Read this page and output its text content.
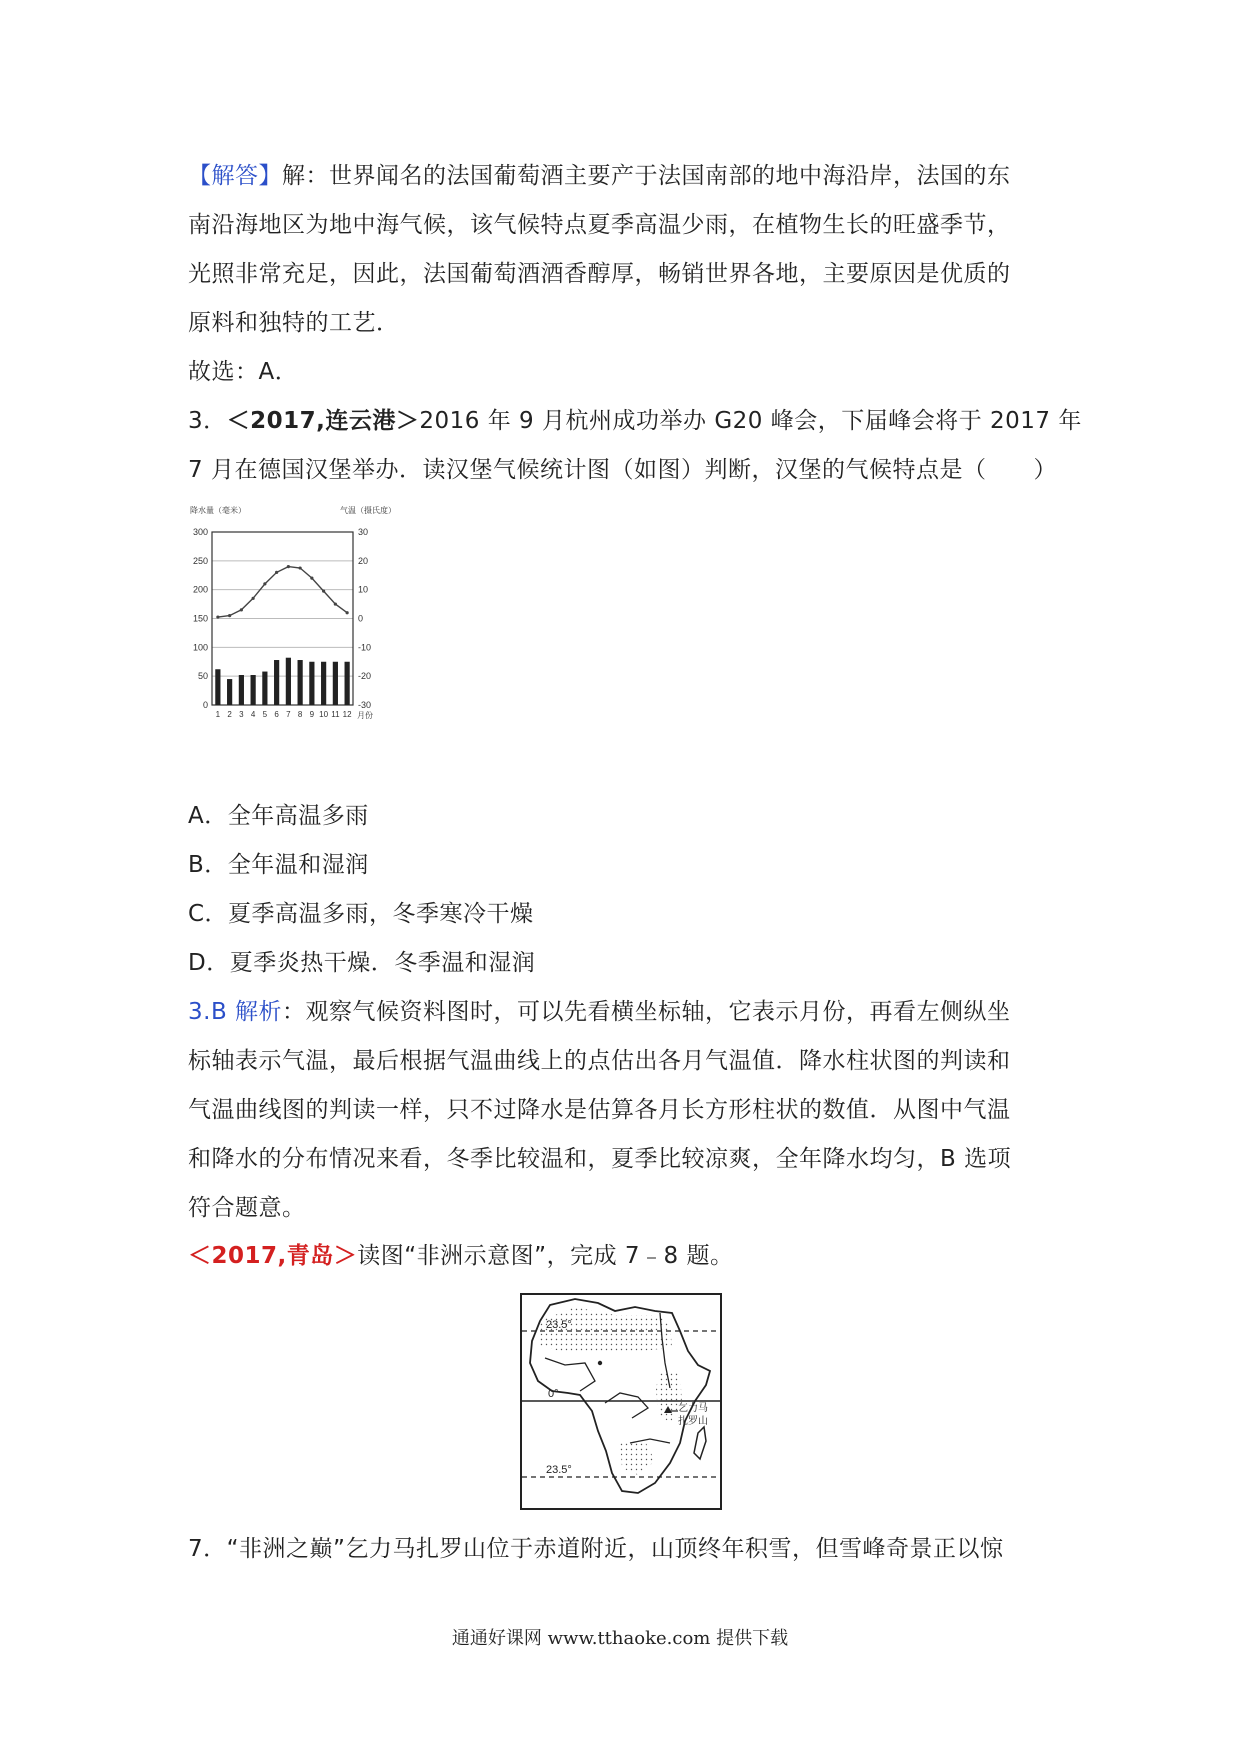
【解答】解：世界闻名的法国葡萄酒主要产于法国南部的地中海沿岸，法国的东
南沿海地区为地中海气候，该气候特点夏季高温少雨，在植物生长的旺盛季节，
光照非常充足，因此，法国葡萄酒酒香醇厚，畅销世界各地，主要原因是优质的
原料和独特的工艺．
故选：A．
3．＜2017,连云港＞2016 年 9 月杭州成功举办 G20 峰会，下届峰会将于 2017 年
7 月在德国汉堡举办．读汉堡气候统计图（如图）判断，汉堡的气候特点是（　　）
降水量（毫米）	气温（摄氏度）
300
250
200
150
100
50
0
30
20
10
0
-10
-20
-30
1 2 3 4 5 6 7 8 9 10 11 12 月份
A．全年高温多雨
B．全年温和湿润
C．夏季高温多雨，冬季寒冷干燥
D．夏季炎热干燥．冬季温和湿润
3.B 解析：观察气候资料图时，可以先看横坐标轴，它表示月份，再看左侧纵坐
标轴表示气温，最后根据气温曲线上的点估出各月气温值．降水柱状图的判读和
气温曲线图的判读一样，只不过降水是估算各月长方形柱状的数值．从图中气温
和降水的分布情况来看，冬季比较温和，夏季比较凉爽，全年降水均匀，B 选项
符合题意。
＜2017,青岛＞读图“非洲示意图”，完成 7﹣8 题。
23.5°
0°
23.5°
乞力马
扎罗山
7．“非洲之巅”乞力马扎罗山位于赤道附近，山顶终年积雪，但雪峰奇景正以惊
通通好课网 www.tthaoke.com 提供下载
